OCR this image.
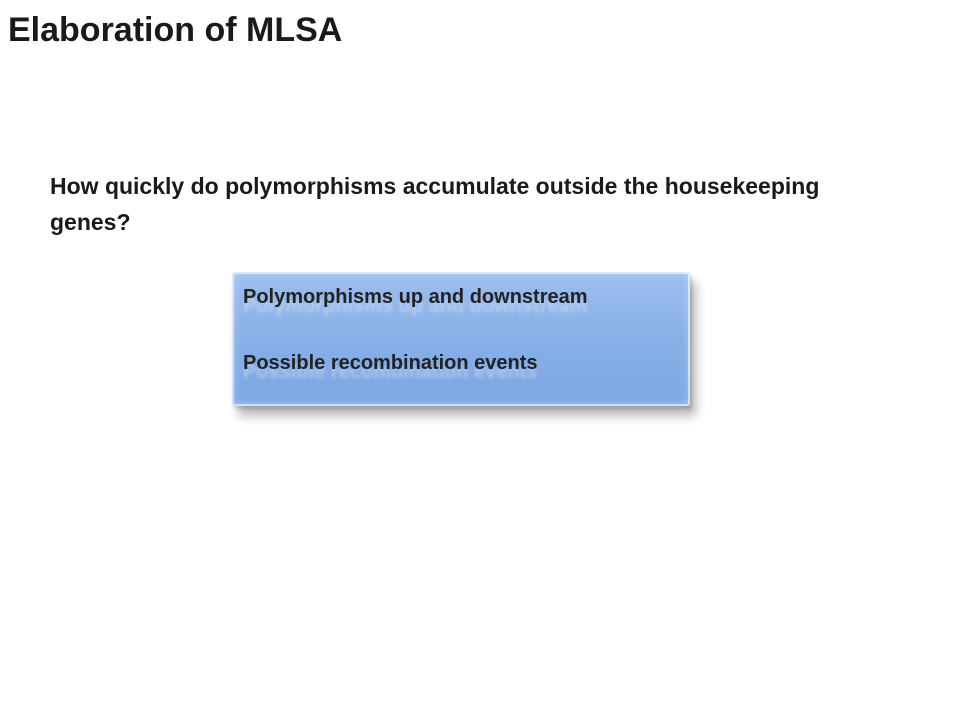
Elaboration of MLSA

How quickly do polymorphisms accumulate outside the housekeeping genes?

Polymorphisms up and downstream

Possible recombination events
